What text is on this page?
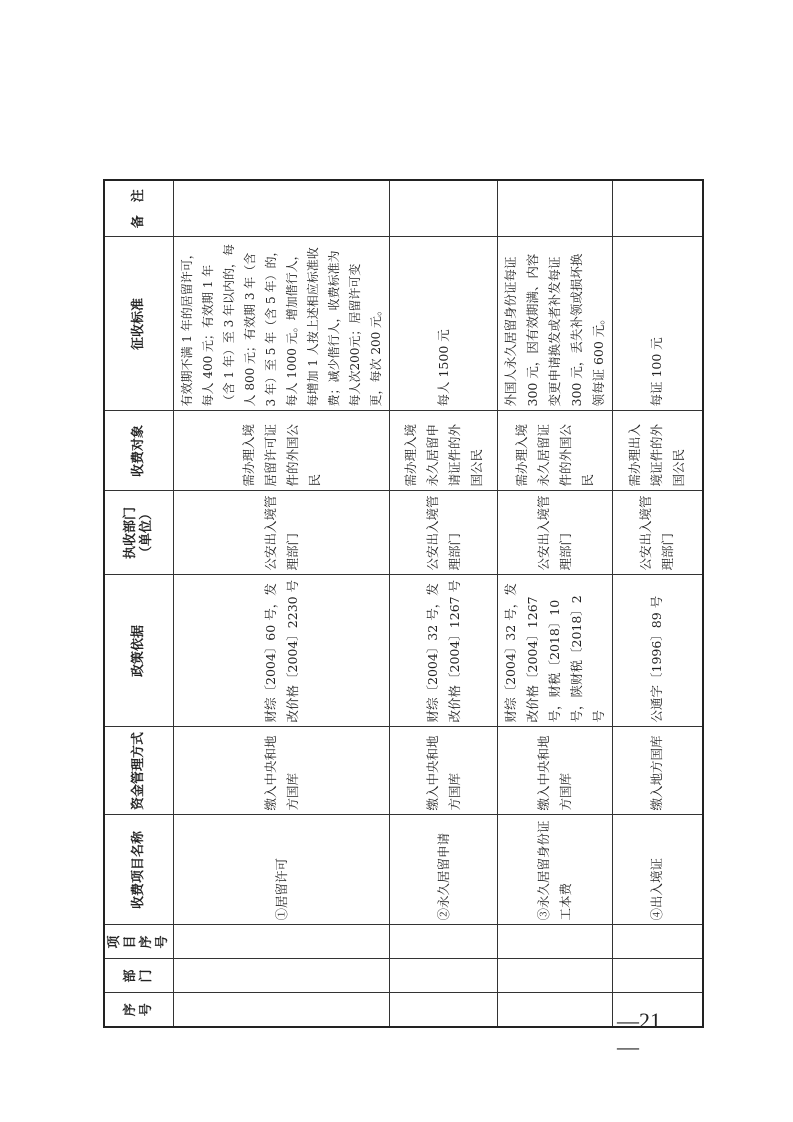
序号	部门	项目序号	收费项目名称	资金管理方式	政策依据	执收部门（单位）	收费对象	征收标准	备　注
			①居留许可	缴入中央和地方国库	财综〔2004〕60 号，发改价格〔2004〕2230 号	公安出入境管理部门	需办理入境居留许可证件的外国公民	有效期不满 1 年的居留许可，每人 400 元；有效期 1 年（含 1 年）至 3 年以内的，每人 800 元；有效期 3 年（含 3 年）至 5 年（含 5 年）的，每人 1000 元。增加偕行人，每增加 1 人按上述相应标准收费；减少偕行人，收费标准为每人次200元；居留许可变更，每次 200 元。	
			②永久居留申请	缴入中央和地方国库	财综〔2004〕32 号，发改价格〔2004〕1267 号	公安出入境管理部门	需办理入境永久居留申请证件的外国公民	每人 1500 元	
			③永久居留身份证工本费	缴入中央和地方国库	财综〔2004〕32 号，发改价格〔2004〕1267 号，财税〔2018〕10 号，陕财税〔2018〕2 号	公安出入境管理部门	需办理入境永久居留证件的外国公民	外国人永久居留身份证每证 300 元，因有效期满、内容变更申请换发或者补发每证 300 元，丢失补领或损坏换领每证 600 元。	
			④出入境证	缴入地方国库	公通字〔1996〕89 号	公安出入境管理部门	需办理出入境证件的外国公民	每证 100 元	
—21—
